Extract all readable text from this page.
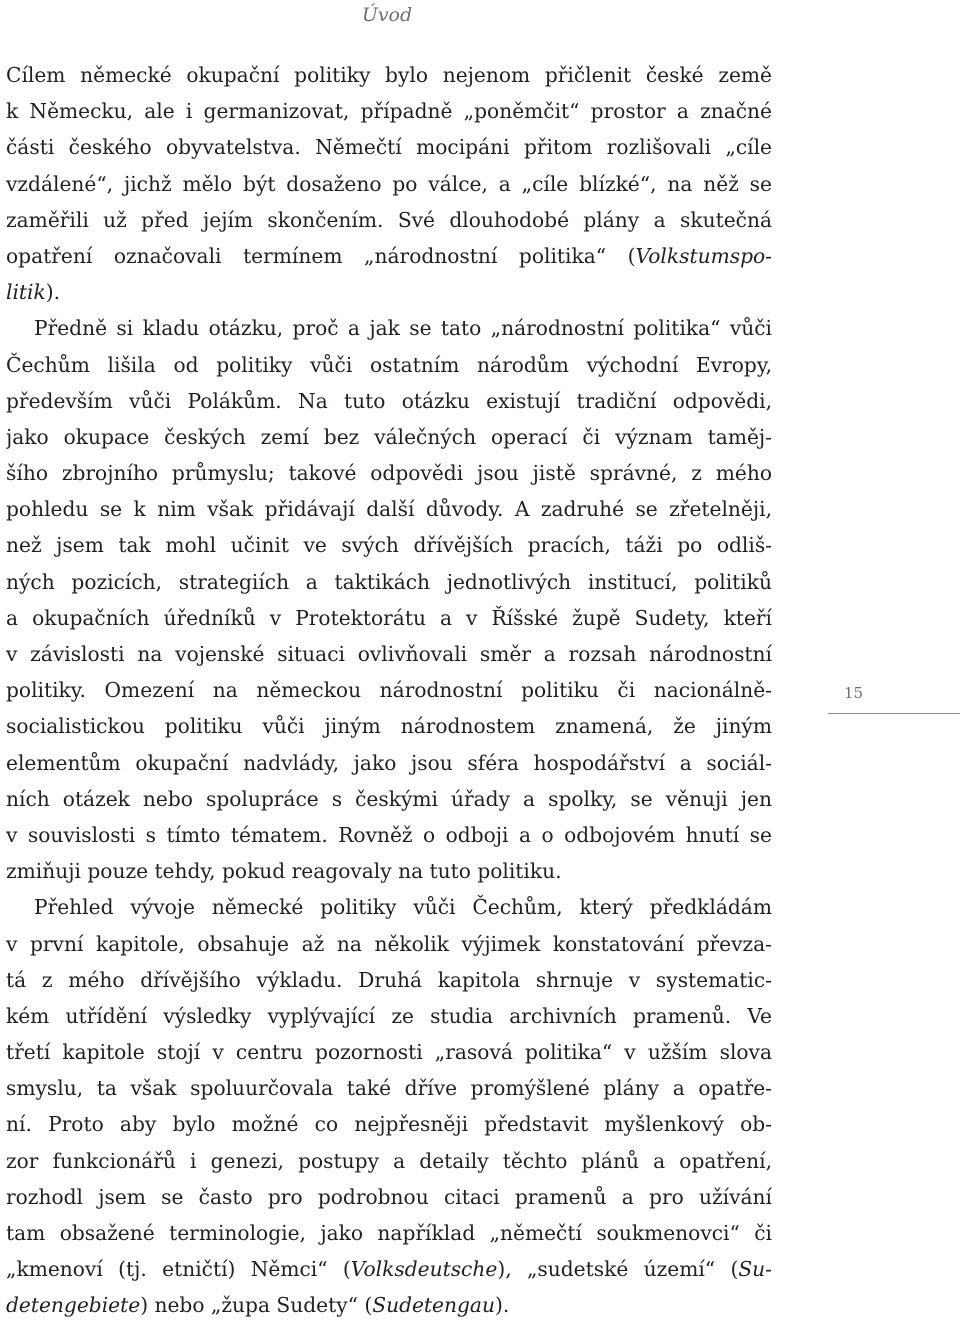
Úvod
15
Cílem německé okupační politiky bylo nejenom přičlenit české země
k Německu, ale i germanizovat, případně „poněmčit“ prostor a značné
části českého obyvatelstva. Němečtí mocipáni přitom rozlišovali „cíle
vzdálené“, jichž mělo být dosaženo po válce, a „cíle blízké“, na něž se
zaměřili už před jejím skončením. Své dlouhodobé plány a skutečná
opatření označovali termínem „národnostní politika“ (Volkstumspo-
litik).
Předně si kladu otázku, proč a jak se tato „národnostní politika“ vůči
Čechům lišila od politiky vůči ostatním národům východní Evropy,
především vůči Polákům. Na tuto otázku existují tradiční odpovědi,
jako okupace českých zemí bez válečných operací či význam taměj-
šího zbrojního průmyslu; takové odpovědi jsou jistě správné, z mého
pohledu se k nim však přidávají další důvody. A zadruhé se zřetelněji,
než jsem tak mohl učinit ve svých dřívějších pracích, táži po odliš-
ných pozicích, strategiích a taktikách jednotlivých institucí, politiků
a okupačních úředníků v Protektorátu a v Říšské župě Sudety, kteří
v závislosti na vojenské situaci ovlivňovali směr a rozsah národnostní
politiky. Omezení na německou národnostní politiku či nacionálně-
socialistickou politiku vůči jiným národnostem znamená, že jiným
elementům okupační nadvlády, jako jsou sféra hospodářství a sociál-
ních otázek nebo spolupráce s českými úřady a spolky, se věnuji jen
v souvislosti s tímto tématem. Rovněž o odboji a o odbojovém hnutí se
zmiňuji pouze tehdy, pokud reagovaly na tuto politiku.
Přehled vývoje německé politiky vůči Čechům, který předkládám
v první kapitole, obsahuje až na několik výjimek konstatování převza-
tá z mého dřívějšího výkladu. Druhá kapitola shrnuje v systematic-
kém utřídění výsledky vyplývající ze studia archivních pramenů. Ve
třetí kapitole stojí v centru pozornosti „rasová politika“ v užším slova
smyslu, ta však spoluurčovala také dříve promýšlené plány a opatře-
ní. Proto aby bylo možné co nejpřesněji představit myšlenkový ob-
zor funkcionářů i genezi, postupy a detaily těchto plánů a opatření,
rozhodl jsem se často pro podrobnou citaci pramenů a pro užívání
tam obsažené terminologie, jako například „němečtí soukmenovci“ či
„kmenoví (tj. etničtí) Němci“ (Volksdeutsche), „sudetské území“ (Su-
detengebiete) nebo „župa Sudety“ (Sudetengau).
